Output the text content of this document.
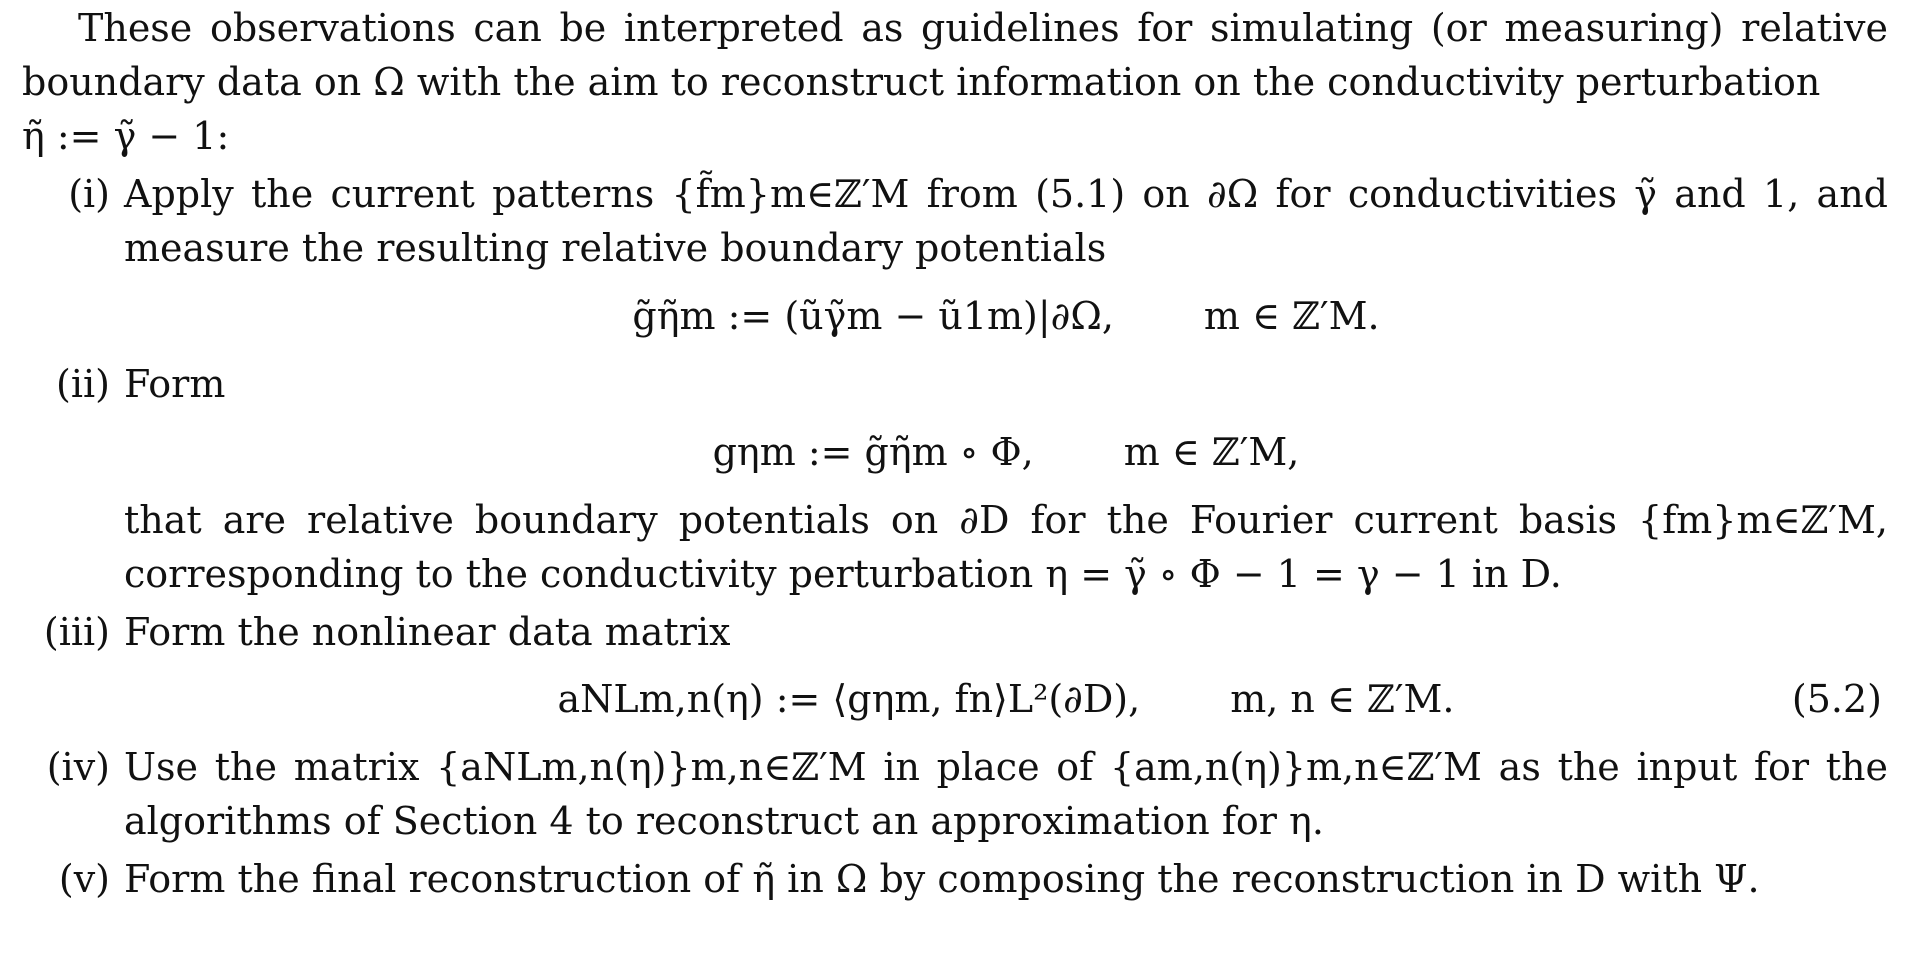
These observations can be interpreted as guidelines for simulating (or measuring) relative boundary data on Ω with the aim to reconstruct information on the conductivity perturbation
η̃ := γ̃ − 1:

(i) Apply the current patterns {f̃m}m∈ℤ′M from (5.1) on ∂Ω for conductivities γ̃ and 1, and measure the resulting relative boundary potentials
g̃η̃m := (ũγ̃m − ũ1m)|∂Ω, m ∈ ℤ′M.
(ii) Form
gηm := g̃η̃m ∘ Φ, m ∈ ℤ′M,
that are relative boundary potentials on ∂D for the Fourier current basis {fm}m∈ℤ′M, corresponding to the conductivity perturbation η = γ̃ ∘ Φ − 1 = γ − 1 in D.
(iii) Form the nonlinear data matrix
aNLm,n(η) := ⟨gηm, fn⟩L²(∂D), m, n ∈ ℤ′M.	(5.2)
(iv) Use the matrix {aNLm,n(η)}m,n∈ℤ′M in place of {am,n(η)}m,n∈ℤ′M as the input for the algorithms of Section 4 to reconstruct an approximation for η.
(v) Form the final reconstruction of η̃ in Ω by composing the reconstruction in D with Ψ.
